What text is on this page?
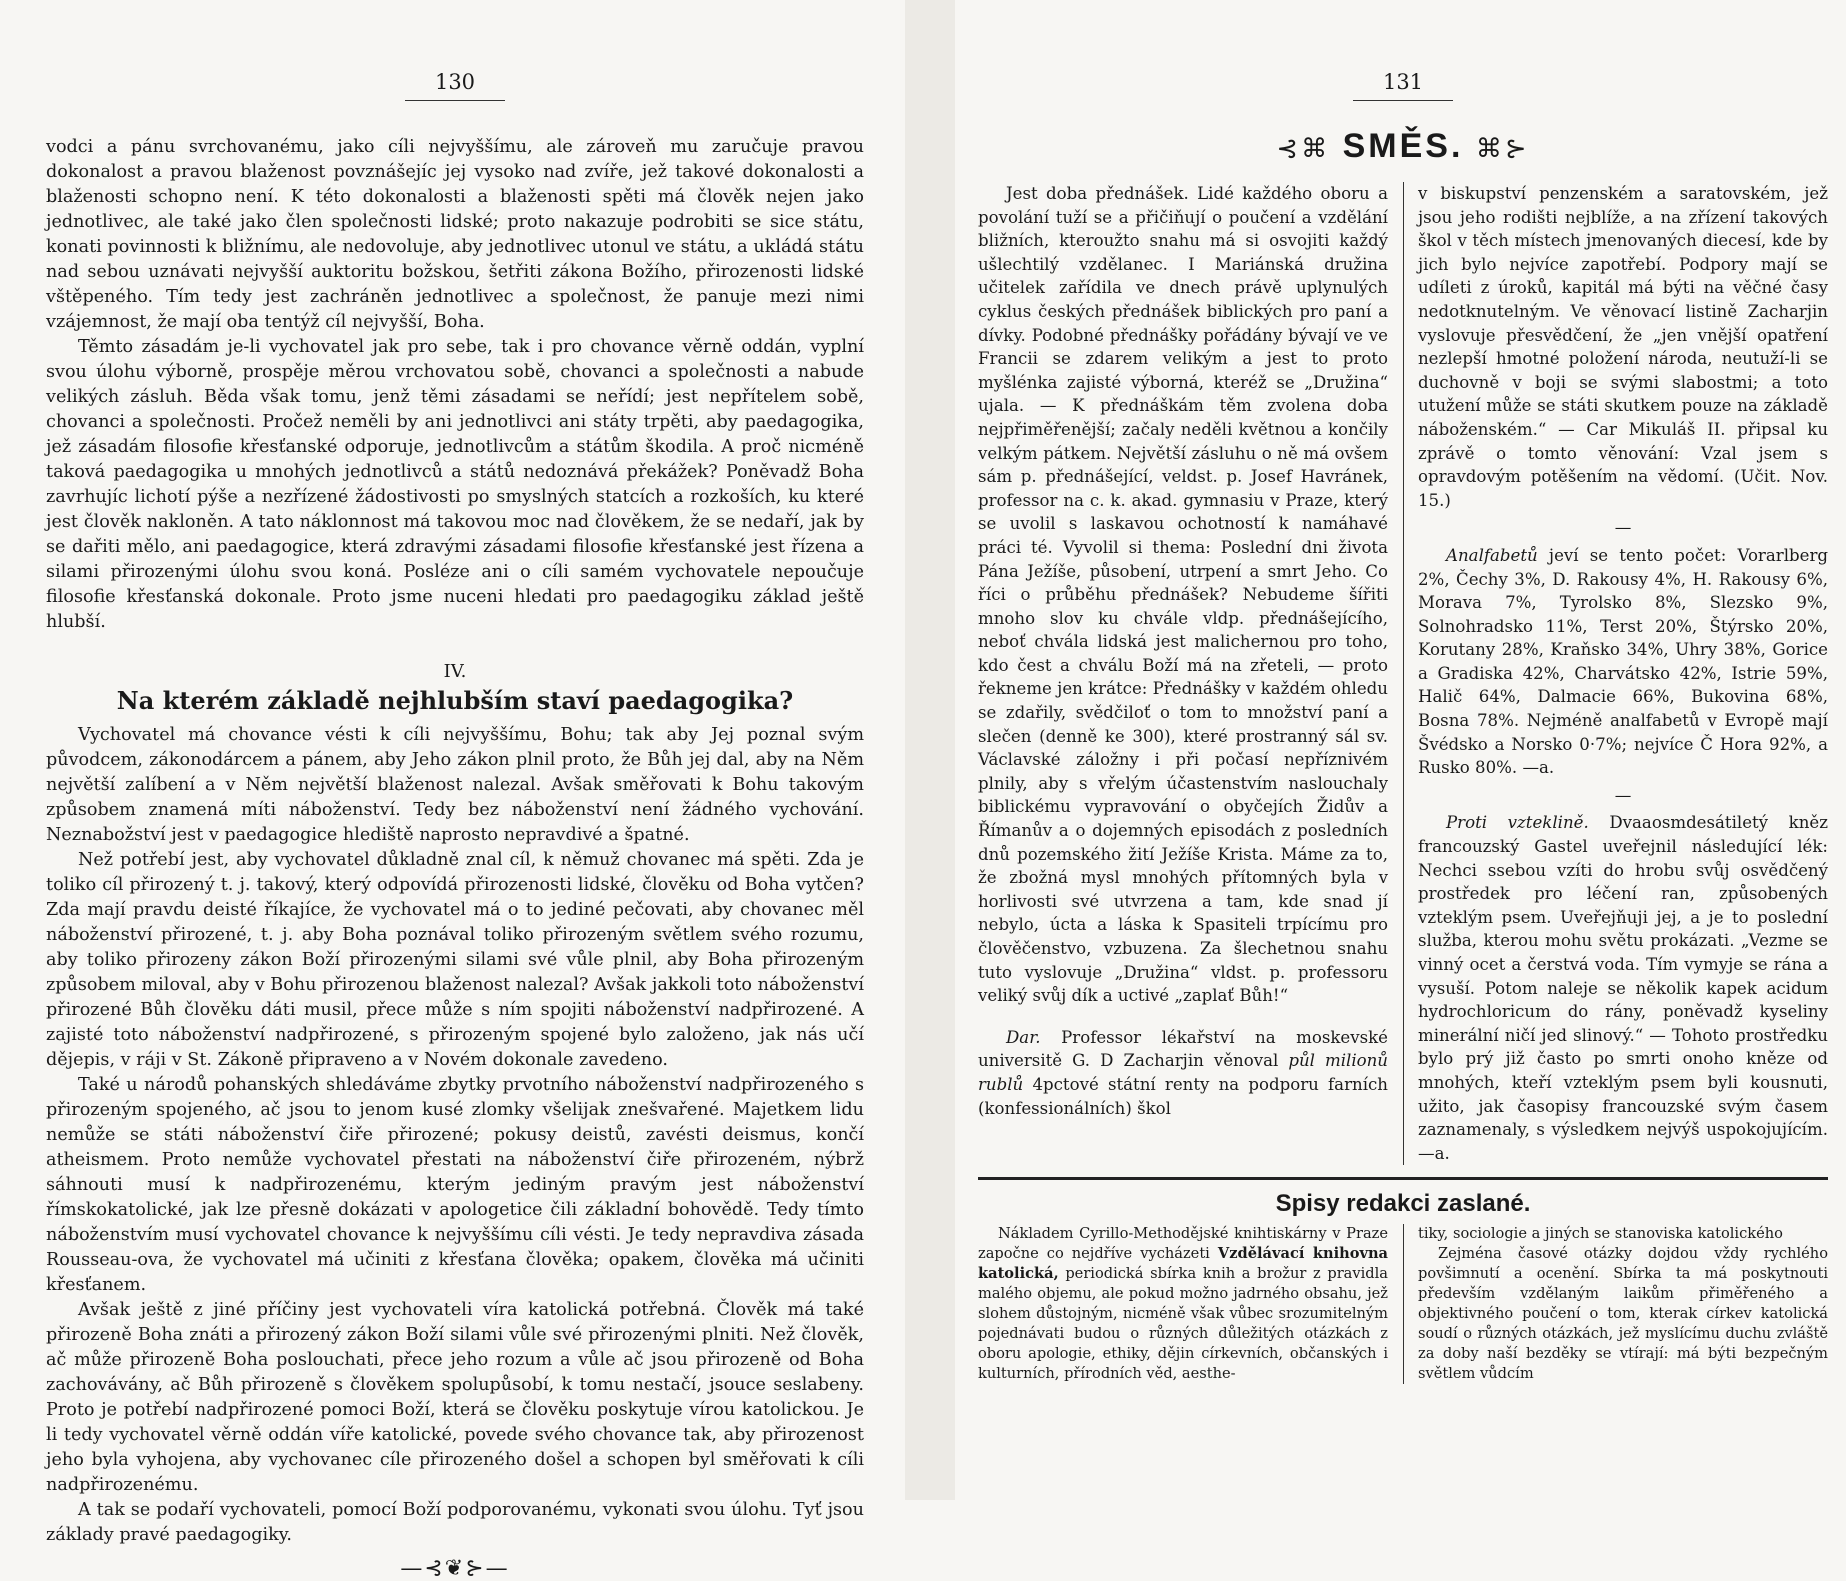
130

vodci a pánu svrchovanému, jako cíli nejvyššímu, ale zároveň mu zaručuje pravou dokonalost a pravou blaženost povznášejíc jej vysoko nad zvíře, jež takové dokonalosti a blaženosti schopno není. K této dokonalosti a blaženosti spěti má člověk nejen jako jednotlivec, ale také jako člen společnosti lidské; proto nakazuje podrobiti se sice státu, konati povinnosti k bližnímu, ale nedovoluje, aby jednotlivec utonul ve státu, a ukládá státu nad sebou uznávati nejvyšší auktoritu božskou, šetřiti zákona Božího, přirozenosti lidské vštěpeného. Tím tedy jest zachráněn jednotlivec a společnost, že panuje mezi nimi vzájemnost, že mají oba tentýž cíl nejvyšší, Boha.

Těmto zásadám je-li vychovatel jak pro sebe, tak i pro chovance věrně oddán, vyplní svou úlohu výborně, prospěje měrou vrchovatou sobě, chovanci a společnosti a nabude velikých zásluh. Běda však tomu, jenž těmi zásadami se neřídí; jest nepřítelem sobě, chovanci a společnosti. Pročež neměli by ani jednotlivci ani státy trpěti, aby paedagogika, jež zásadám filosofie křesťanské odporuje, jednotlivcům a státům škodila. A proč nicméně taková paedagogika u mnohých jednotlivců a států nedoznává překážek? Poněvadž Boha zavrhujíc lichotí pýše a nezřízené žádostivosti po smyslných statcích a rozkoších, ku které jest člověk nakloněn. A tato náklonnost má takovou moc nad člověkem, že se nedaří, jak by se dařiti mělo, ani paedagogice, která zdravými zásadami filosofie křesťanské jest řízena a silami přirozenými úlohu svou koná. Posléze ani o cíli samém vychovatele nepoučuje filosofie křesťanská dokonale. Proto jsme nuceni hledati pro paedagogiku základ ještě hlubší.

IV.
Na kterém základě nejhlubším staví paedagogika?

Vychovatel má chovance vésti k cíli nejvyššímu, Bohu; tak aby Jej poznal svým původcem, zákonodárcem a pánem, aby Jeho zákon plnil proto, že Bůh jej dal, aby na Něm největší zalíbení a v Něm největší blaženost nalezal. Avšak směřovati k Bohu takovým způsobem znamená míti náboženství. Tedy bez náboženství není žádného vychování. Neznabožství jest v paedagogice hlediště naprosto nepravdivé a špatné.

Než potřebí jest, aby vychovatel důkladně znal cíl, k němuž chovanec má spěti. Zda je toliko cíl přirozený t. j. takový, který odpovídá přirozenosti lidské, člověku od Boha vytčen? Zda mají pravdu deisté říkajíce, že vychovatel má o to jediné pečovati, aby chovanec měl náboženství přirozené, t. j. aby Boha poznával toliko přirozeným světlem svého rozumu, aby toliko přirozeny zákon Boží přirozenými silami své vůle plnil, aby Boha přirozeným způsobem miloval, aby v Bohu přirozenou blaženost nalezal? Avšak jakkoli toto náboženství přirozené Bůh člověku dáti musil, přece může s ním spojiti náboženství nadpřirozené. A zajisté toto náboženství nadpřirozené, s přirozeným spojené bylo založeno, jak nás učí dějepis, v ráji v St. Zákoně připraveno a v Novém dokonale zavedeno.

Také u národů pohanských shledáváme zbytky prvotního náboženství nadpřirozeného s přirozeným spojeného, ač jsou to jenom kusé zlomky všelijak znešvařené. Majetkem lidu nemůže se státi náboženství čiře přirozené; pokusy deistů, zavésti deismus, končí atheismem. Proto nemůže vychovatel přestati na náboženství čiře přirozeném, nýbrž sáhnouti musí k nadpřirozenému, kterým jediným pravým jest náboženství římskokatolické, jak lze přesně dokázati v apologetice čili základní bohovědě. Tedy tímto náboženstvím musí vychovatel chovance k nejvyššímu cíli vésti. Je tedy nepravdiva zásada Rousseau-ova, že vychovatel má učiniti z křesťana člověka; opakem, člověka má učiniti křesťanem.

Avšak ještě z jiné příčiny jest vychovateli víra katolická potřebná. Člověk má také přirozeně Boha znáti a přirozený zákon Boží silami vůle své přirozenými plniti. Než člověk, ač může přirozeně Boha poslouchati, přece jeho rozum a vůle ač jsou přirozeně od Boha zachovávány, ač Bůh přirozeně s člověkem spolupůsobí, k tomu nestačí, jsouce seslabeny. Proto je potřebí nadpřirozené pomoci Boží, která se člověku poskytuje vírou katolickou. Je li tedy vychovatel věrně oddán víře katolické, povede svého chovance tak, aby přirozenost jeho byla vyhojena, aby vychovanec cíle přirozeného došel a schopen byl směřovati k cíli nadpřirozenému.

A tak se podaří vychovateli, pomocí Boží podporovanému, vykonati svou úlohu. Tyť jsou základy pravé paedagogiky.

—⊰❦⊱—
131
⊰⌘ SMĚS. ⌘⊱

Jest doba přednášek. Lidé každého oboru a povolání tuží se a přičiňují o poučení a vzdělání bližních, kteroužto snahu má si osvojiti každý ušlechtilý vzdělanec. I Mariánská družina učitelek zařídila ve dnech právě uplynulých cyklus českých přednášek biblických pro paní a dívky. Podobné přednášky pořádány bývají ve ve Francii se zdarem velikým a jest to proto myšlénka zajisté výborná, kteréž se „Družina“ ujala. — K přednáškám těm zvolena doba nejpřiměřenější; začaly neděli květnou a končily velkým pátkem. Největší zásluhu o ně má ovšem sám p. přednášející, veldst. p. Josef Havránek, professor na c. k. akad. gymnasiu v Praze, který se uvolil s laskavou ochotností k namáhavé práci té. Vyvolil si thema: Poslední dni života Pána Ježíše, působení, utrpení a smrt Jeho. Co říci o průběhu přednášek? Nebudeme šířiti mnoho slov ku chvále vldp. přednášejícího, neboť chvála lidská jest malichernou pro toho, kdo čest a chválu Boží má na zřeteli, — proto řekneme jen krátce: Přednášky v každém ohledu se zdařily, svědčiloť o tom to množství paní a slečen (denně ke 300), které prostranný sál sv. Václavské záložny i při počasí nepříznivém plnily, aby s vřelým účastenstvím naslouchaly biblickému vypravování o obyčejích Židův a Římanův a o dojemných episodách z posledních dnů pozemského žití Ježíše Krista. Máme za to, že zbožná mysl mnohých přítomných byla v horlivosti své utvrzena a tam, kde snad jí nebylo, úcta a láska k Spasiteli trpícímu pro člověčenstvo, vzbuzena. Za šlechetnou snahu tuto vyslovuje „Družina“ vldst. p. professoru veliký svůj dík a uctivé „zaplať Bůh!“

Dar. Professor lékařství na moskevské universitě G. D Zacharjin věnoval půl milionů rublů 4pctové státní renty na podporu farních (konfessionálních) škol

v biskupství penzenském a saratovském, jež jsou jeho rodišti nejblíže, a na zřízení takových škol v těch místech jmenovaných diecesí, kde by jich bylo nejvíce zapotřebí. Podpory mají se udíleti z úroků, kapitál má býti na věčné časy nedotknutelným. Ve věnovací listině Zacharjin vyslovuje přesvědčení, že „jen vnější opatření nezlepší hmotné položení národa, neutuží-li se duchovně v boji se svými slabostmi; a toto utužení může se státi skutkem pouze na základě náboženském.“ — Car Mikuláš II. připsal ku zprávě o tomto věnování: Vzal jsem s opravdovým potěšením na vědomí. (Učit. Nov. 15.)

—

Analfabetů jeví se tento počet: Vorarlberg 2%, Čechy 3%, D. Rakousy 4%, H. Rakousy 6%, Morava 7%, Tyrolsko 8%, Slezsko 9%, Solnohradsko 11%, Terst 20%, Štýrsko 20%, Korutany 28%, Kraňsko 34%, Uhry 38%, Gorice a Gradiska 42%, Charvátsko 42%, Istrie 59%, Halič 64%, Dalmacie 66%, Bukovina 68%, Bosna 78%. Nejméně analfabetů v Evropě mají Švédsko a Norsko 0·7%; nejvíce Č Hora 92%, a Rusko 80%. —a.

—

Proti vzteklině. Dvaaosmdesátiletý kněz francouzský Gastel uveřejnil následující lék: Nechci ssebou vzíti do hrobu svůj osvědčený prostředek pro léčení ran, způsobených vzteklým psem. Uveřejňuji jej, a je to poslední služba, kterou mohu světu prokázati. „Vezme se vinný ocet a čerstvá voda. Tím vymyje se rána a vysuší. Potom naleje se několik kapek acidum hydrochloricum do rány, poněvadž kyseliny minerální ničí jed slinový.“ — Tohoto prostředku bylo prý již často po smrti onoho kněze od mnohých, kteří vzteklým psem byli kousnuti, užito, jak časopisy francouzské svým časem zaznamenaly, s výsledkem nejvýš uspokojujícím. —a.

Spisy redakci zaslané.

Nákladem Cyrillo-Methodějské knihtiskárny v Praze započne co nejdříve vycházeti Vzdělávací knihovna katolická, periodická sbírka knih a brožur z pravidla malého objemu, ale pokud možno jadrného obsahu, jež slohem důstojným, nicméně však vůbec srozumitelným pojednávati budou o různých důležitých otázkách z oboru apologie, ethiky, dějin církevních, občanských i kulturních, přírodních věd, aesthe-

tiky, sociologie a jiných se stanoviska katolického

Zejména časové otázky dojdou vždy rychlého povšimnutí a ocenění. Sbírka ta má poskytnouti především vzdělaným laikům přiměřeného a objektivného poučení o tom, kterak církev katolická soudí o různých otázkách, jež myslícímu duchu zvláště za doby naší bezděky se vtírají: má býti bezpečným světlem vůdcím
